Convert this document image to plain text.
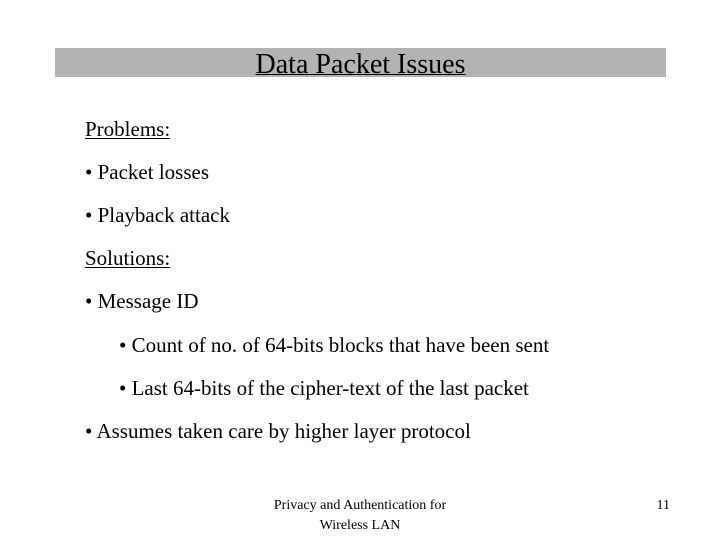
Data Packet Issues
Problems:
• Packet losses
• Playback attack
Solutions:
• Message ID
• Count of no. of 64-bits blocks that have been sent
• Last 64-bits of the cipher-text of the last packet
• Assumes taken care by higher layer protocol
Privacy and Authentication for
Wireless LAN
11
